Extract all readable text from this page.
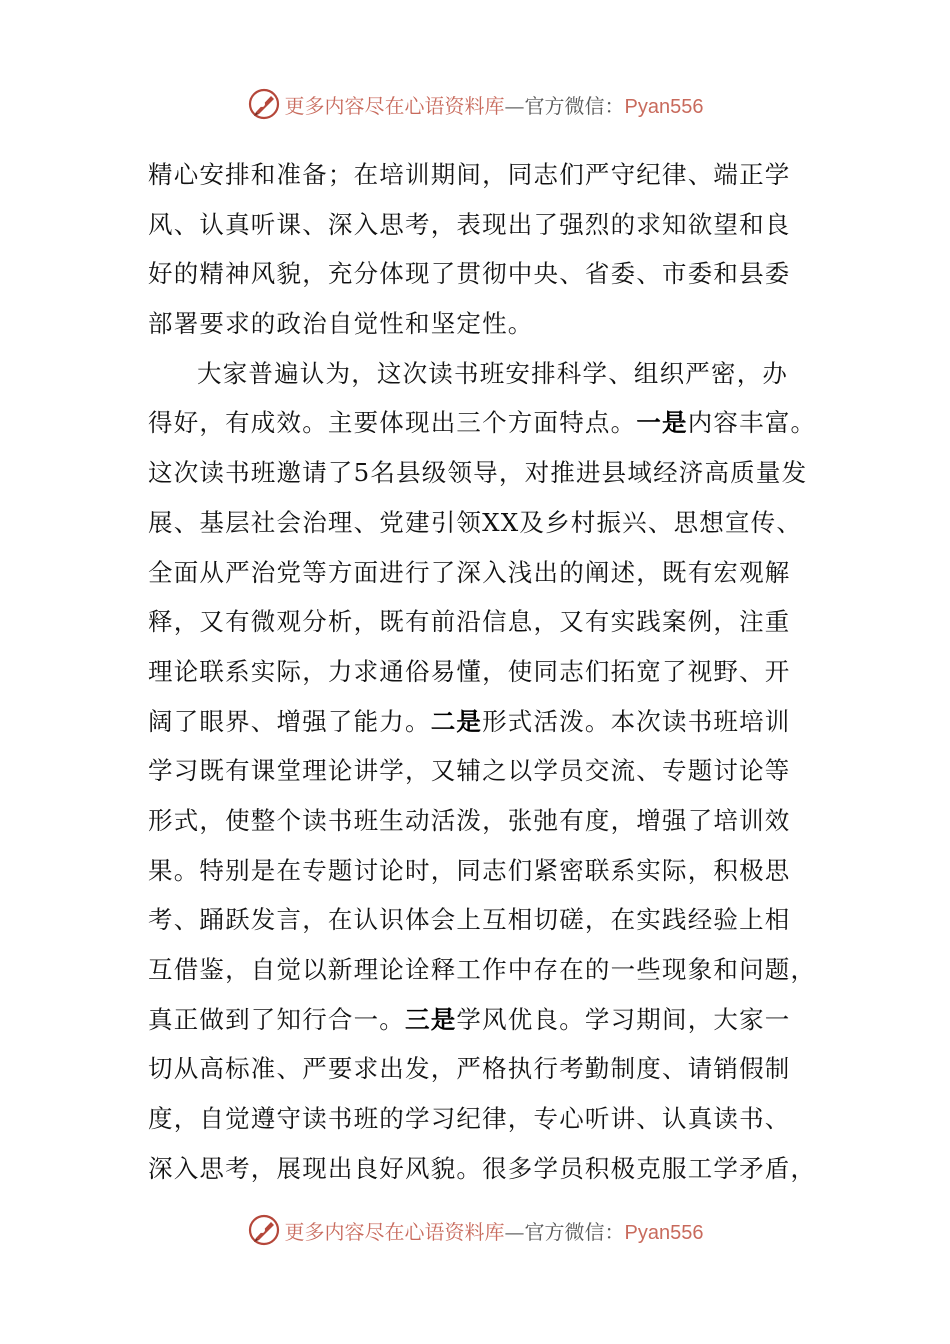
更多内容尽在心语资料库—官方微信：Pyan556
精心安排和准备；在培训期间，同志们严守纪律、端正学
风、认真听课、深入思考，表现出了强烈的求知欲望和良
好的精神风貌，充分体现了贯彻中央、省委、市委和县委
部署要求的政治自觉性和坚定性。
大家普遍认为，这次读书班安排科学、组织严密，办
得好，有成效。主要体现出三个方面特点。一是内容丰富。
这次读书班邀请了5名县级领导，对推进县域经济高质量发
展、基层社会治理、党建引领XX及乡村振兴、思想宣传、
全面从严治党等方面进行了深入浅出的阐述，既有宏观解
释，又有微观分析，既有前沿信息，又有实践案例，注重
理论联系实际，力求通俗易懂，使同志们拓宽了视野、开
阔了眼界、增强了能力。二是形式活泼。本次读书班培训
学习既有课堂理论讲学，又辅之以学员交流、专题讨论等
形式，使整个读书班生动活泼，张弛有度，增强了培训效
果。特别是在专题讨论时，同志们紧密联系实际，积极思
考、踊跃发言，在认识体会上互相切磋，在实践经验上相
互借鉴，自觉以新理论诠释工作中存在的一些现象和问题，
真正做到了知行合一。三是学风优良。学习期间，大家一
切从高标准、严要求出发，严格执行考勤制度、请销假制
度，自觉遵守读书班的学习纪律，专心听讲、认真读书、
深入思考，展现出良好风貌。很多学员积极克服工学矛盾，
更多内容尽在心语资料库—官方微信：Pyan556
